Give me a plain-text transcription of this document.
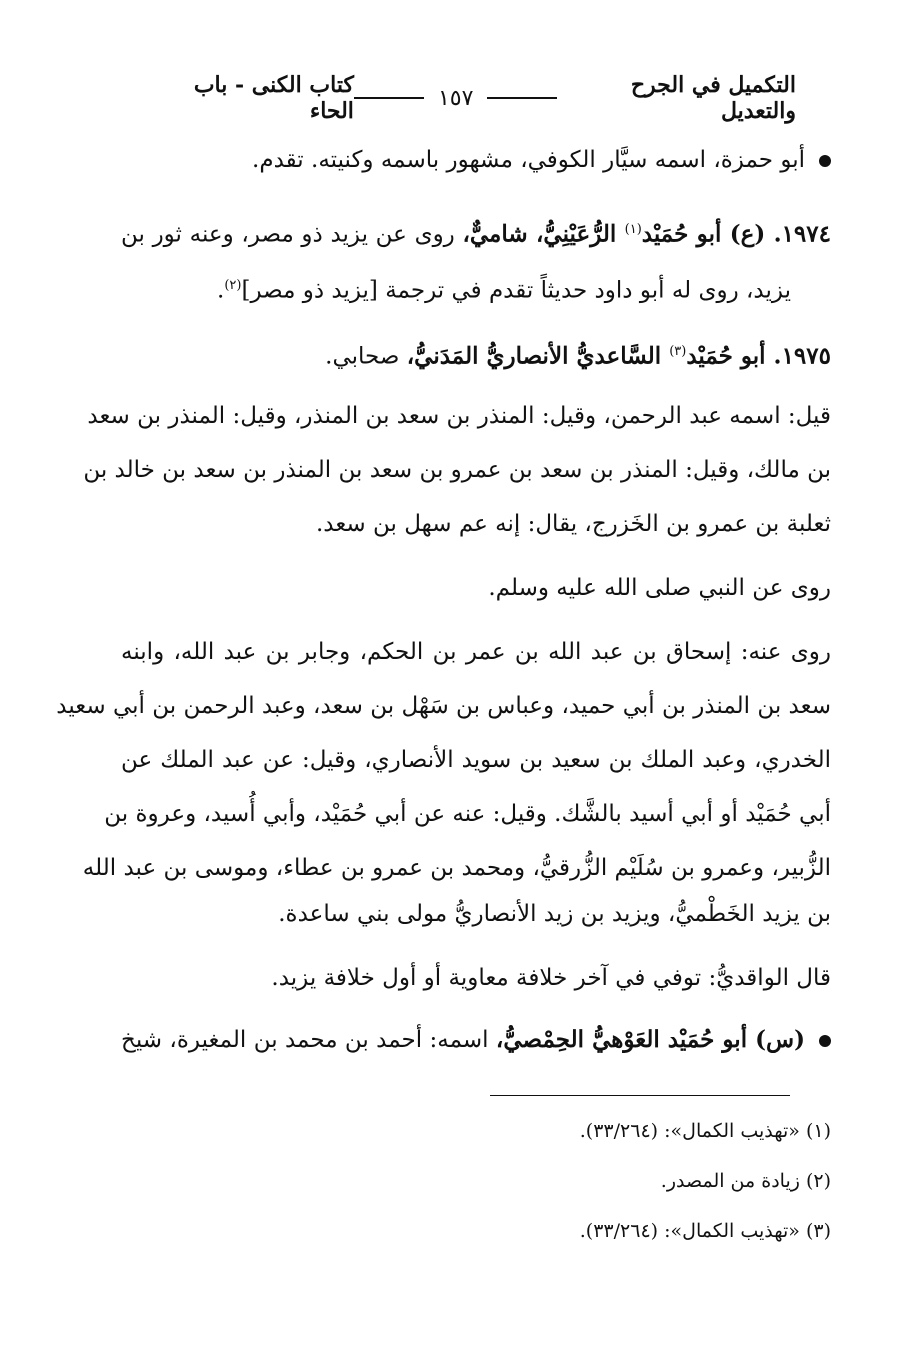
التكميل في الجرح والتعديل
١٥٧
كتاب الكنى - باب الحاء
أبو حمزة، اسمه سيَّار الكوفي، مشهور باسمه وكنيته. تقدم.
١٩٧٤. (ع) أبو حُمَيْد$^{(١)}$ الرُّعَيْنِيُّ، شاميٌّ، روى عن يزيد ذو مصر، وعنه ثور بن
يزيد، روى له أبو داود حديثاً تقدم في ترجمة [يزيد ذو مصر]$^{(٢)}$.
١٩٧٥. أبو حُمَيْد$^{(٣)}$ السَّاعديُّ الأنصاريُّ المَدَنيُّ، صحابي.
قيل: اسمه عبد الرحمن، وقيل: المنذر بن سعد بن المنذر، وقيل: المنذر بن سعد
بن مالك، وقيل: المنذر بن سعد بن عمرو بن سعد بن المنذر بن سعد بن خالد بن
ثعلبة بن عمرو بن الخَزرج، يقال: إنه عم سهل بن سعد.
روى عن النبي صلى الله عليه وسلم.
روى عنه: إسحاق بن عبد الله بن عمر بن الحكم، وجابر بن عبد الله، وابنه
سعد بن المنذر بن أبي حميد، وعباس بن سَهْل بن سعد، وعبد الرحمن بن أبي سعيد
الخدري، وعبد الملك بن سعيد بن سويد الأنصاري، وقيل: عن عبد الملك عن
أبي حُمَيْد أو أبي أسيد بالشَّك. وقيل: عنه عن أبي حُمَيْد، وأبي أُسيد، وعروة بن
الزُّبير، وعمرو بن سُلَيْم الزُّرقيُّ، ومحمد بن عمرو بن عطاء، وموسى بن عبد الله
بن يزيد الخَطْميُّ، ويزيد بن زيد الأنصاريُّ مولى بني ساعدة.
قال الواقديُّ: توفي في آخر خلافة معاوية أو أول خلافة يزيد.
(س) أبو حُمَيْد العَوْهيُّ الحِمْصيُّ، اسمه: أحمد بن محمد بن المغيرة، شيخ
(١) «تهذيب الكمال»: (٣٣/٢٦٤).
(٢) زيادة من المصدر.
(٣) «تهذيب الكمال»: (٣٣/٢٦٤).
